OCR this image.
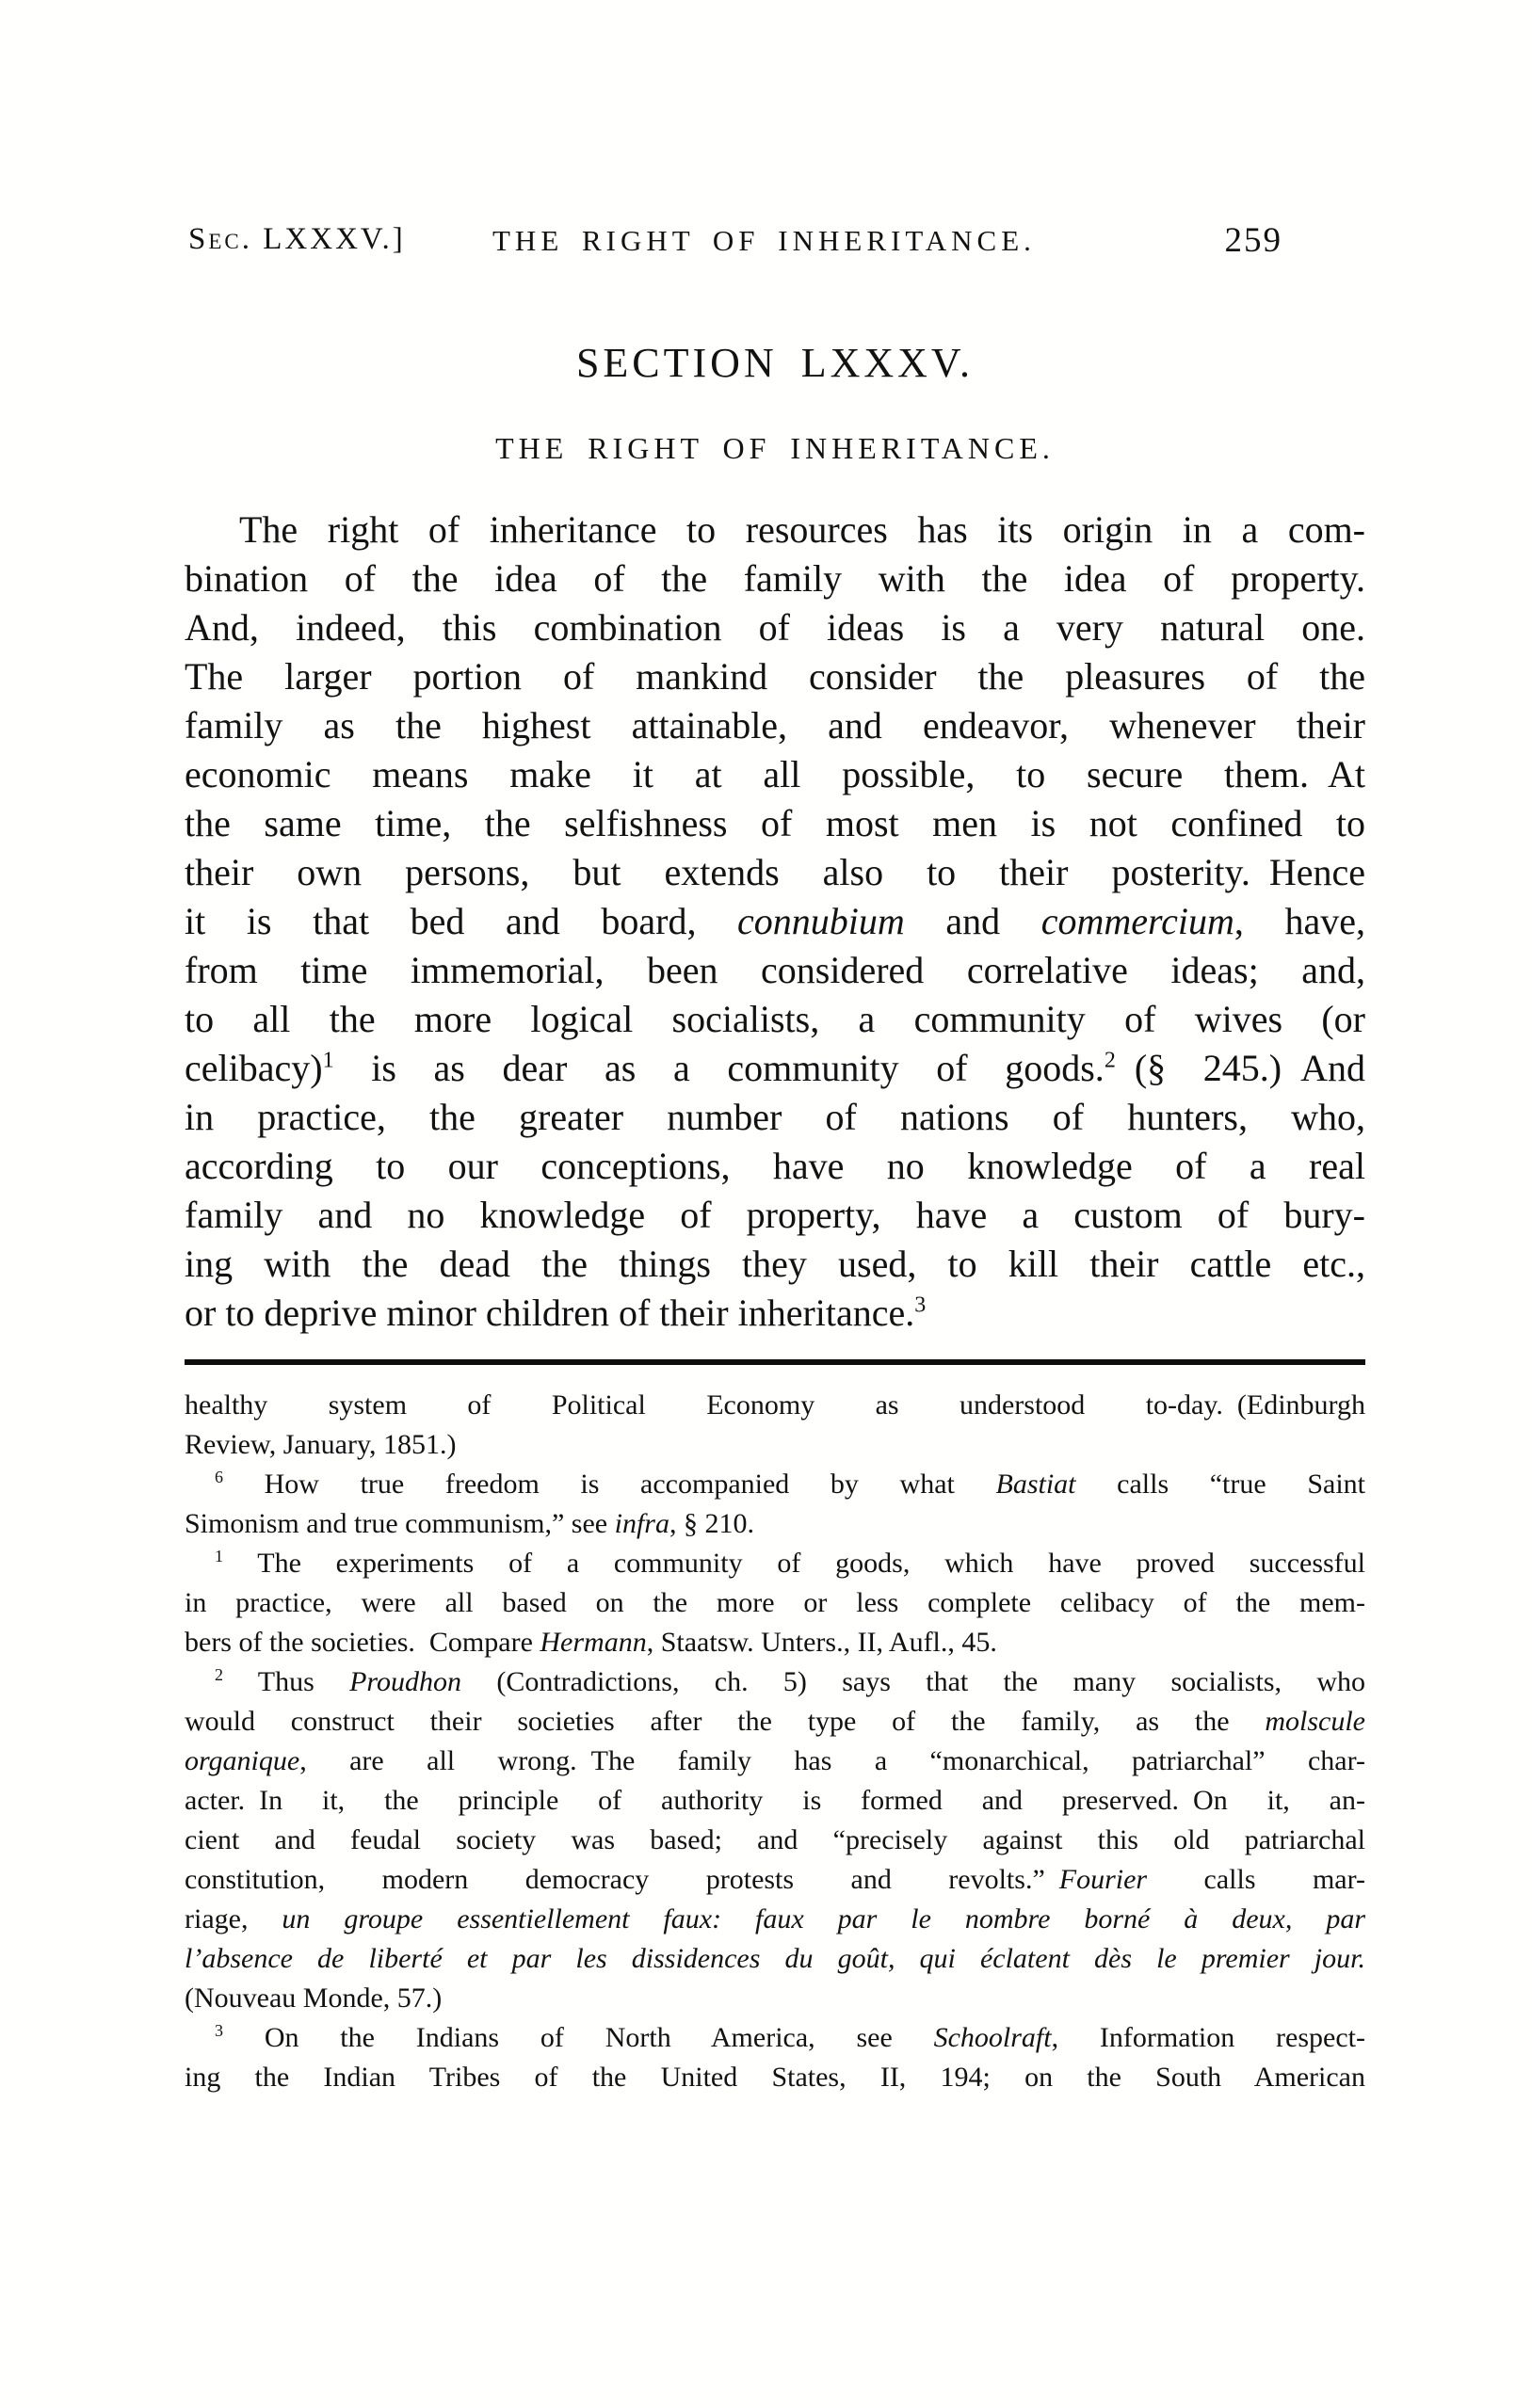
Sec. LXXXV.]	THE RIGHT OF INHERITANCE.	259
SECTION LXXXV.
THE RIGHT OF INHERITANCE.
The right of inheritance to resources has its origin in a com-
bination of the idea of the family with the idea of property.
And, indeed, this combination of ideas is a very natural one.
The larger portion of mankind consider the pleasures of the
family as the highest attainable, and endeavor, whenever their
economic means make it at all possible, to secure them. At
the same time, the selfishness of most men is not confined to
their own persons, but extends also to their posterity. Hence
it is that bed and board, connubium and commercium, have,
from time immemorial, been considered correlative ideas; and,
to all the more logical socialists, a community of wives (or
celibacy)$^1$ is as dear as a community of goods.$^2$ (§ 245.) And
in practice, the greater number of nations of hunters, who,
according to our conceptions, have no knowledge of a real
family and no knowledge of property, have a custom of bury-
ing with the dead the things they used, to kill their cattle etc.,
or to deprive minor children of their inheritance.$^3$
healthy system of Political Economy as understood to-day. (Edinburgh
Review, January, 1851.)
$^6$ How true freedom is accompanied by what Bastiat calls “true Saint
Simonism and true communism,” see infra, § 210.
$^1$ The experiments of a community of goods, which have proved successful
in practice, were all based on the more or less complete celibacy of the mem-
bers of the societies. Compare Hermann, Staatsw. Unters., II, Aufl., 45.
$^2$ Thus Proudhon (Contradictions, ch. 5) says that the many socialists, who
would construct their societies after the type of the family, as the molscule
organique, are all wrong. The family has a “monarchical, patriarchal” char-
acter. In it, the principle of authority is formed and preserved. On it, an-
cient and feudal society was based; and “precisely against this old patriarchal
constitution, modern democracy protests and revolts.” Fourier calls mar-
riage, un groupe essentiellement faux: faux par le nombre borné à deux, par
l’absence de liberté et par les dissidences du goût, qui éclatent dès le premier jour.
(Nouveau Monde, 57.)
$^3$ On the Indians of North America, see Schoolraft, Information respect-
ing the Indian Tribes of the United States, II, 194; on the South American
